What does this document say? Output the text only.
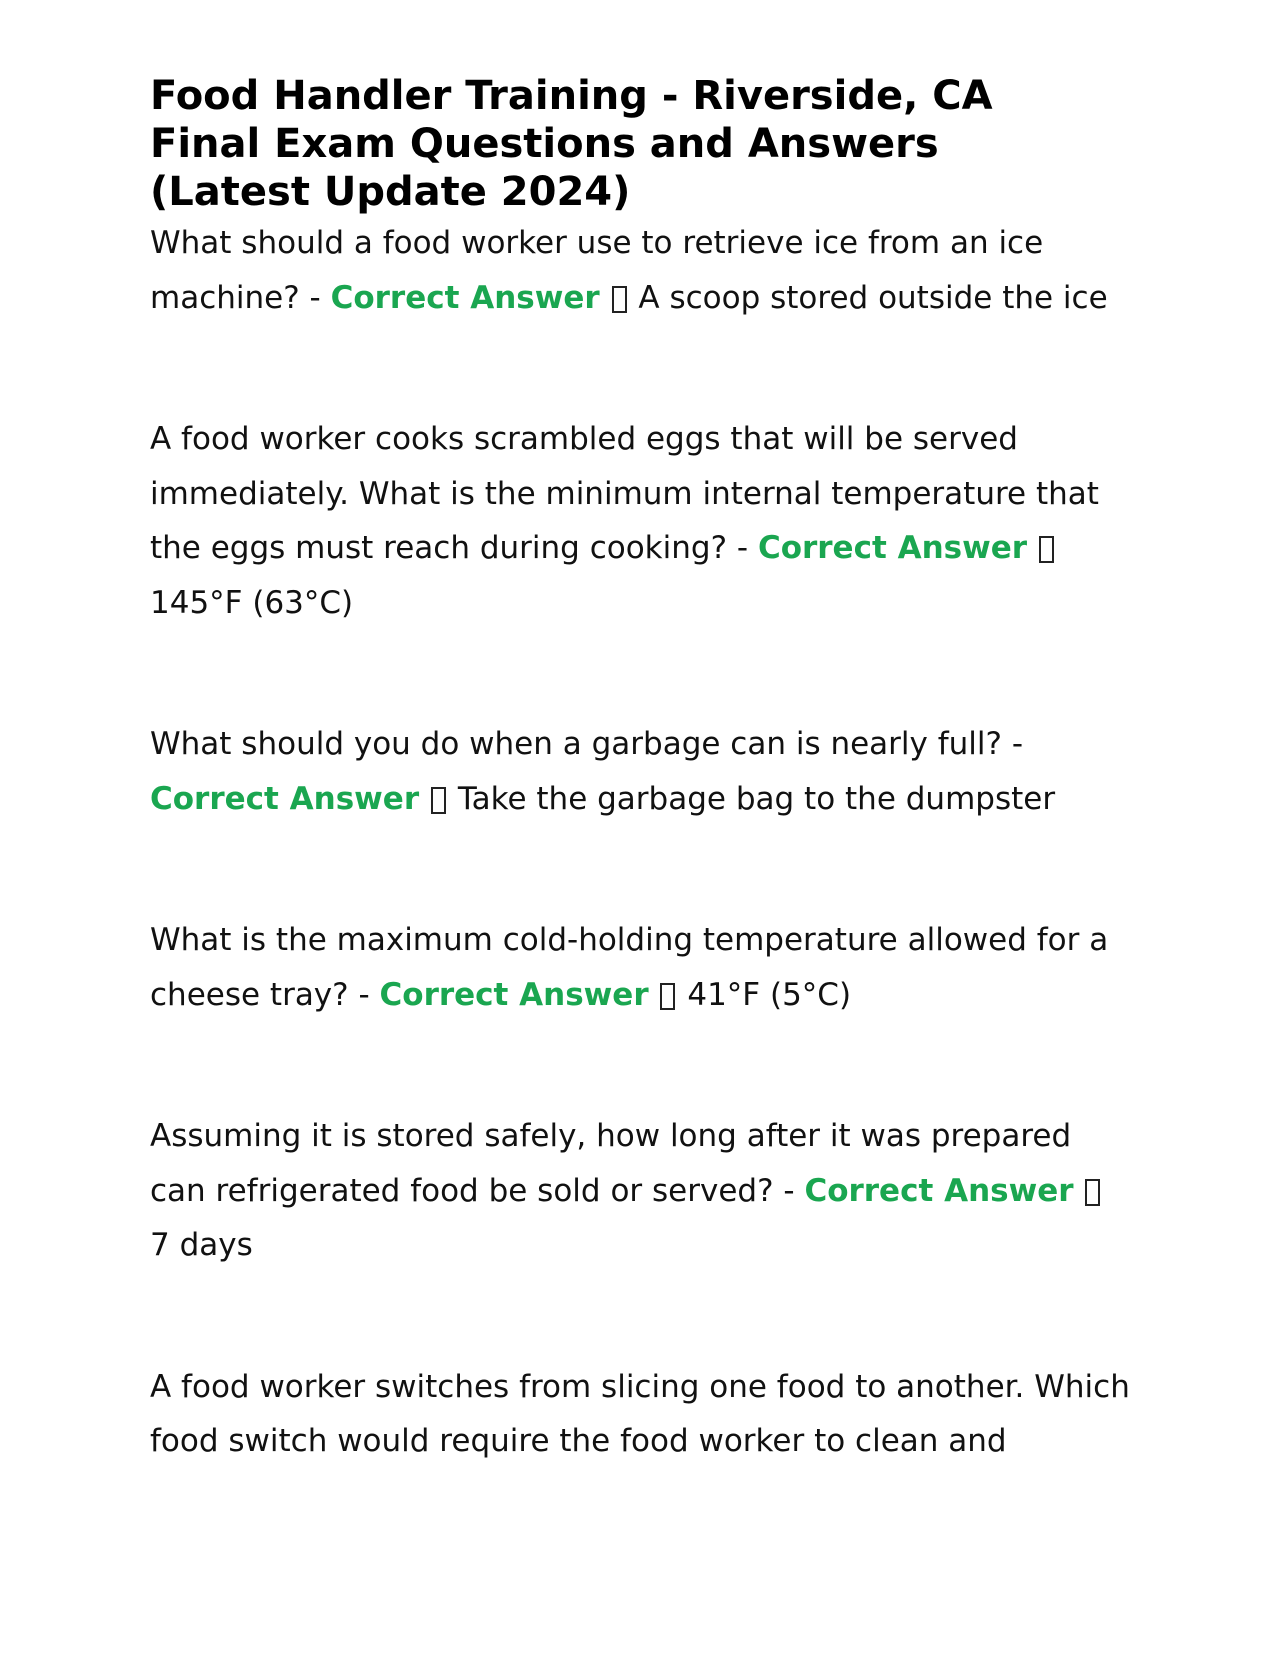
Food Handler Training - Riverside, CA
Final Exam Questions and Answers
(Latest Update 2024)

What should a food worker use to retrieve ice from an ice machine? - Correct Answer A scoop stored outside the ice

A food worker cooks scrambled eggs that will be served immediately. What is the minimum internal temperature that the eggs must reach during cooking? - Correct Answer  145°F (63°C)

What should you do when a garbage can is nearly full? - Correct Answer Take the garbage bag to the dumpster

What is the maximum cold-holding temperature allowed for a cheese tray? - Correct Answer 41°F (5°C)

Assuming it is stored safely, how long after it was prepared can refrigerated food be sold or served? - Correct Answer  7 days

A food worker switches from slicing one food to another. Which food switch would require the food worker to clean and
